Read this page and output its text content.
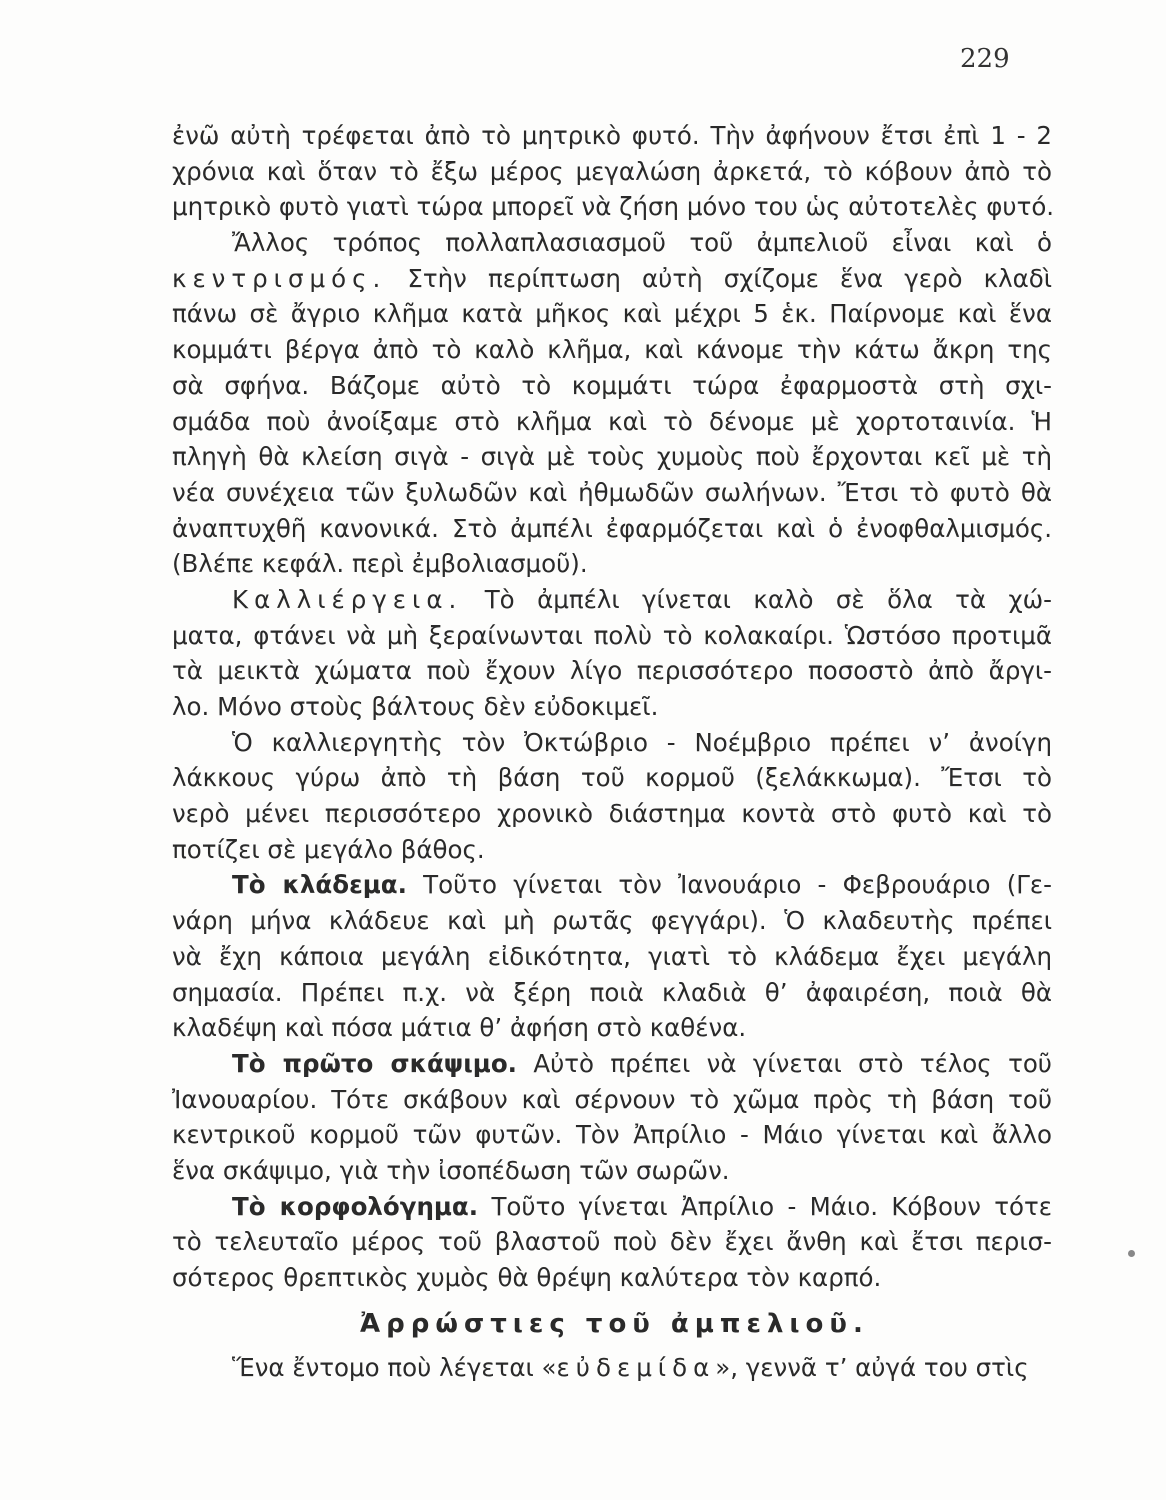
229
ἐνῶ αὐτὴ τρέφεται ἀπὸ τὸ μητρικὸ φυτό. Τὴν ἀφήνουν ἔτσι ἐπὶ 1 - 2
χρόνια καὶ ὅταν τὸ ἔξω μέρος μεγαλώση ἀρκετά, τὸ κόβουν ἀπὸ τὸ
μητρικὸ φυτὸ γιατὶ τώρα μπορεῖ νὰ ζήση μόνο του ὡς αὐτοτελὲς φυτό.
Ἄλλος τρόπος πολλαπλασιασμοῦ τοῦ ἀμπελιοῦ εἶναι καὶ ὁ
κεντρισμός. Στὴν περίπτωση αὐτὴ σχίζομε ἕνα γερὸ κλαδὶ
πάνω σὲ ἄγριο κλῆμα κατὰ μῆκος καὶ μέχρι 5 ἑκ. Παίρνομε καὶ ἕνα
κομμάτι βέργα ἀπὸ τὸ καλὸ κλῆμα, καὶ κάνομε τὴν κάτω ἄκρη της
σὰ σφήνα. Βάζομε αὐτὸ τὸ κομμάτι τώρα ἐφαρμοστὰ στὴ σχι-
σμάδα ποὺ ἀνοίξαμε στὸ κλῆμα καὶ τὸ δένομε μὲ χορτοταινία. Ἡ
πληγὴ θὰ κλείση σιγὰ - σιγὰ μὲ τοὺς χυμοὺς ποὺ ἔρχονται κεῖ μὲ τὴ
νέα συνέχεια τῶν ξυλωδῶν καὶ ἠθμωδῶν σωλήνων. Ἔτσι τὸ φυτὸ θὰ
ἀναπτυχθῆ κανονικά. Στὸ ἀμπέλι ἐφαρμόζεται καὶ ὁ ἐνοφθαλμισμός.
(Βλέπε κεφάλ. περὶ ἐμβολιασμοῦ).
Καλλιέργεια. Τὸ ἀμπέλι γίνεται καλὸ σὲ ὅλα τὰ χώ-
ματα, φτάνει νὰ μὴ ξεραίνωνται πολὺ τὸ κολακαίρι. Ὡστόσο προτιμᾶ
τὰ μεικτὰ χώματα ποὺ ἔχουν λίγο περισσότερο ποσοστὸ ἀπὸ ἄργι-
λο. Μόνο στοὺς βάλτους δὲν εὐδοκιμεῖ.
Ὁ καλλιεργητὴς τὸν Ὀκτώβριο - Νοέμβριο πρέπει ν’ ἀνοίγη
λάκκους γύρω ἀπὸ τὴ βάση τοῦ κορμοῦ (ξελάκκωμα). Ἔτσι τὸ
νερὸ μένει περισσότερο χρονικὸ διάστημα κοντὰ στὸ φυτὸ καὶ τὸ
ποτίζει σὲ μεγάλο βάθος.
Τὸ κλάδεμα. Τοῦτο γίνεται τὸν Ἰανουάριο - Φεβρουάριο (Γε-
νάρη μήνα κλάδευε καὶ μὴ ρωτᾶς φεγγάρι). Ὁ κλαδευτὴς πρέπει
νὰ ἔχη κάποια μεγάλη εἰδικότητα, γιατὶ τὸ κλάδεμα ἔχει μεγάλη
σημασία. Πρέπει π.χ. νὰ ξέρη ποιὰ κλαδιὰ θ’ ἀφαιρέση, ποιὰ θὰ
κλαδέψη καὶ πόσα μάτια θ’ ἀφήση στὸ καθένα.
Τὸ πρῶτο σκάψιμο. Αὐτὸ πρέπει νὰ γίνεται στὸ τέλος τοῦ
Ἰανουαρίου. Τότε σκάβουν καὶ σέρνουν τὸ χῶμα πρὸς τὴ βάση τοῦ
κεντρικοῦ κορμοῦ τῶν φυτῶν. Τὸν Ἀπρίλιο - Μάιο γίνεται καὶ ἄλλο
ἕνα σκάψιμο, γιὰ τὴν ἰσοπέδωση τῶν σωρῶν.
Τὸ κορφολόγημα. Τοῦτο γίνεται Ἀπρίλιο - Μάιο. Κόβουν τότε
τὸ τελευταῖο μέρος τοῦ βλαστοῦ ποὺ δὲν ἔχει ἄνθη καὶ ἔτσι περισ-
σότερος θρεπτικὸς χυμὸς θὰ θρέψη καλύτερα τὸν καρπό.
Ἀρρώστιες τοῦ ἀμπελιοῦ.
Ἕνα ἔντομο ποὺ λέγεται «εὐδεμίδα», γεννᾶ τ’ αὐγά του στὶς
